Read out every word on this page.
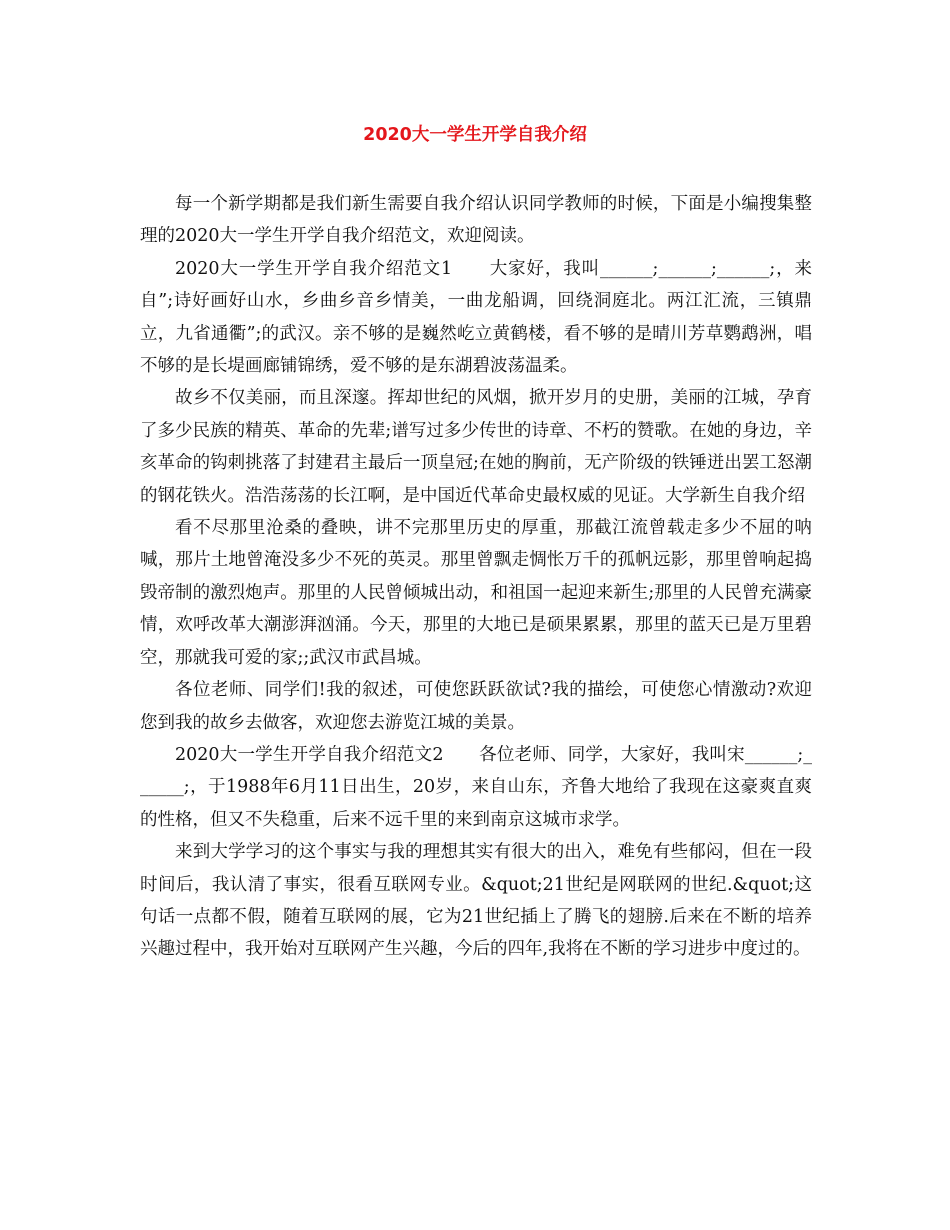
2020大一学生开学自我介绍

每一个新学期都是我们新生需要自我介绍认识同学教师的时候，下面是小编搜集整理的2020大一学生开学自我介绍范文，欢迎阅读。

2020大一学生开学自我介绍范文1　　大家好，我叫______;______;______;，来自”;诗好画好山水，乡曲乡音乡情美，一曲龙船调，回绕洞庭北。两江汇流，三镇鼎立，九省通衢”;的武汉。亲不够的是巍然屹立黄鹤楼，看不够的是晴川芳草鹦鹉洲，唱不够的是长堤画廊铺锦绣，爱不够的是东湖碧波荡温柔。

故乡不仅美丽，而且深邃。挥却世纪的风烟，掀开岁月的史册，美丽的江城，孕育了多少民族的精英、革命的先辈;谱写过多少传世的诗章、不朽的赞歌。在她的身边，辛亥革命的钩刺挑落了封建君主最后一顶皇冠;在她的胸前，无产阶级的铁锤迸出罢工怒潮的钢花铁火。浩浩荡荡的长江啊，是中国近代革命史最权威的见证。大学新生自我介绍

看不尽那里沧桑的叠映，讲不完那里历史的厚重，那截江流曾载走多少不屈的呐喊，那片土地曾淹没多少不死的英灵。那里曾飘走惆怅万千的孤帆远影，那里曾响起捣毁帝制的激烈炮声。那里的人民曾倾城出动，和祖国一起迎来新生;那里的人民曾充满豪情，欢呼改革大潮澎湃汹涌。今天，那里的大地已是硕果累累，那里的蓝天已是万里碧空，那就我可爱的家;;武汉市武昌城。

各位老师、同学们!我的叙述，可使您跃跃欲试?我的描绘，可使您心情激动?欢迎您到我的故乡去做客，欢迎您去游览江城的美景。

2020大一学生开学自我介绍范文2　　各位老师、同学，大家好，我叫宋______;______;，于1988年6月11日出生，20岁，来自山东，齐鲁大地给了我现在这豪爽直爽的性格，但又不失稳重，后来不远千里的来到南京这城市求学。

来到大学学习的这个事实与我的理想其实有很大的出入，难免有些郁闷，但在一段时间后，我认清了事实，很看互联网专业。&quot;21世纪是网联网的世纪.&quot;这句话一点都不假，随着互联网的展，它为21世纪插上了腾飞的翅膀.后来在不断的培养兴趣过程中，我开始对互联网产生兴趣，今后的四年,我将在不断的学习进步中度过的。
